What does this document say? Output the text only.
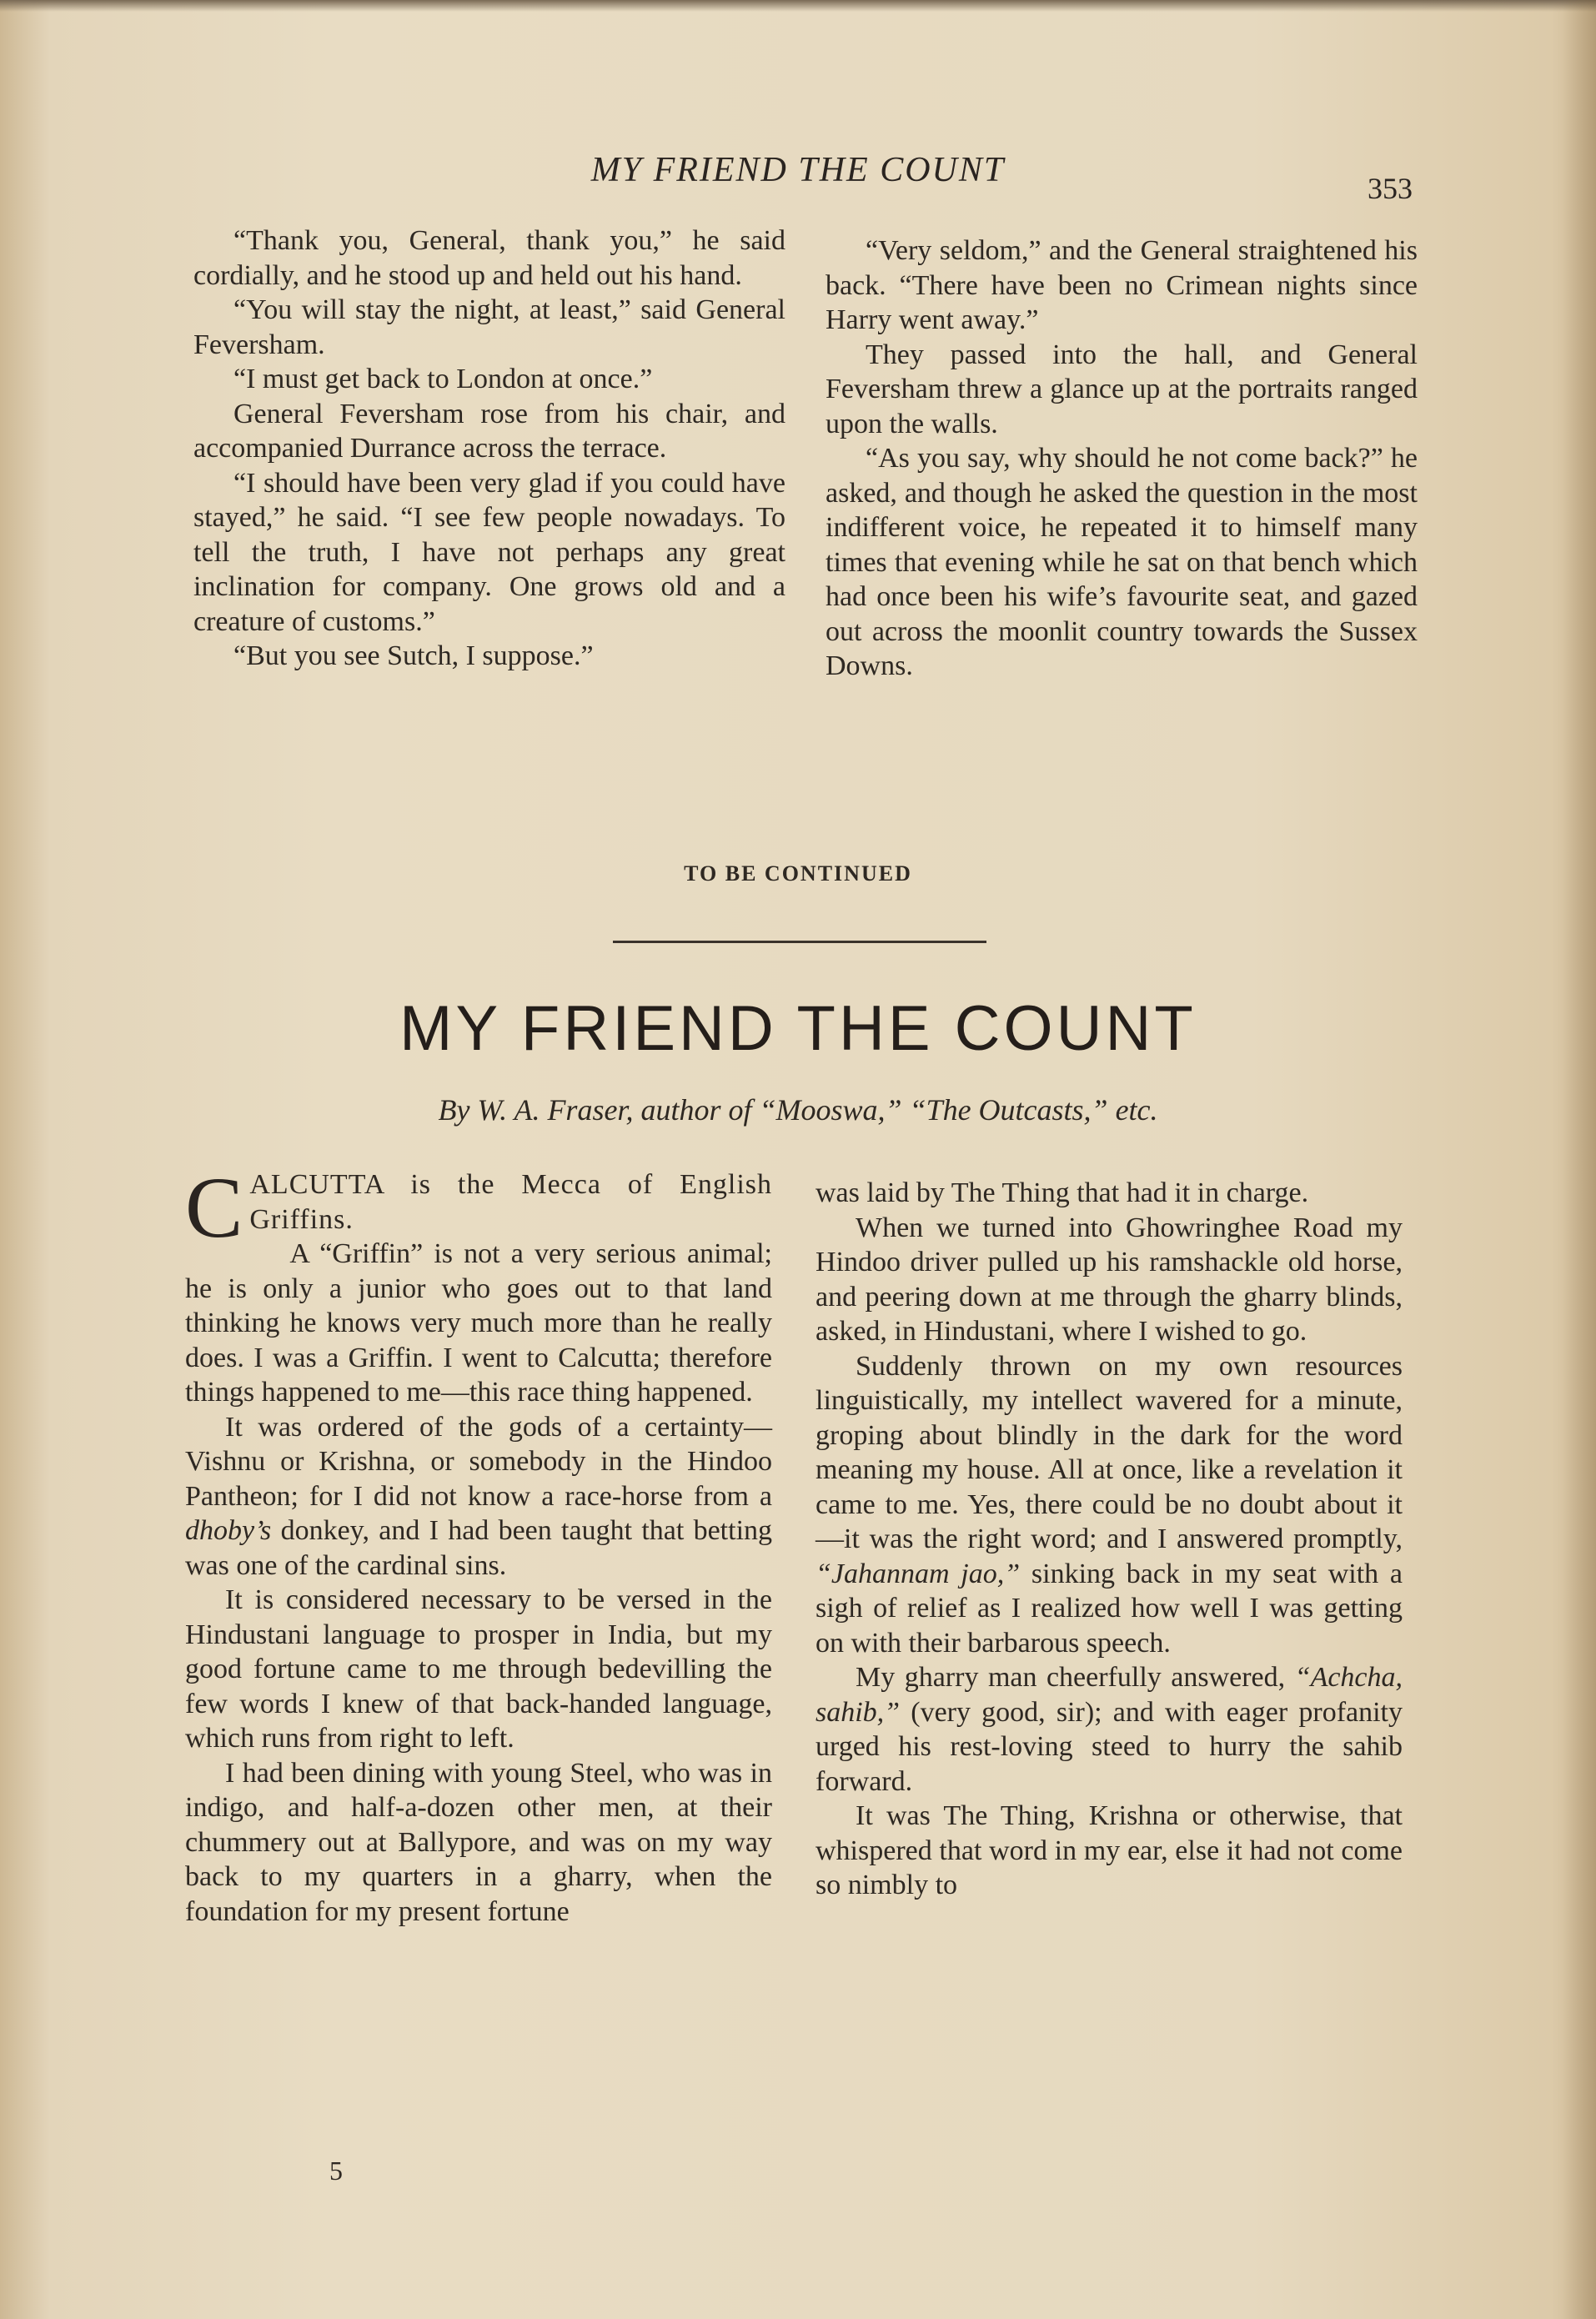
MY FRIEND THE COUNT	353

“Thank you, General, thank you,” he said cordially, and he stood up and held out his hand.

“You will stay the night, at least,” said General Feversham.

“I must get back to London at once.”

General Feversham rose from his chair, and accompanied Durrance across the terrace.

“I should have been very glad if you could have stayed,” he said. “I see few people nowadays. To tell the truth, I have not perhaps any great inclination for company. One grows old and a creature of customs.”

“But you see Sutch, I suppose.”

“Very seldom,” and the General straightened his back. “There have been no Crimean nights since Harry went away.”

They passed into the hall, and General Feversham threw a glance up at the portraits ranged upon the walls.

“As you say, why should he not come back?” he asked, and though he asked the question in the most indifferent voice, he repeated it to himself many times that evening while he sat on that bench which had once been his wife’s favourite seat, and gazed out across the moonlit country towards the Sussex Downs.

TO BE CONTINUED
MY FRIEND THE COUNT
By W. A. Fraser, author of “Mooswa,” “The Outcasts,” etc.

CALCUTTA is the Mecca of English Griffins.

A “Griffin” is not a very serious animal; he is only a junior who goes out to that land thinking he knows very much more than he really does. I was a Griffin. I went to Calcutta; therefore things happened to me—this race thing happened.

It was ordered of the gods of a certainty—Vishnu or Krishna, or somebody in the Hindoo Pantheon; for I did not know a race-horse from a dhoby’s donkey, and I had been taught that betting was one of the cardinal sins.

It is considered necessary to be versed in the Hindustani language to prosper in India, but my good fortune came to me through bedevilling the few words I knew of that back-handed language, which runs from right to left.

I had been dining with young Steel, who was in indigo, and half-a-dozen other men, at their chummery out at Ballypore, and was on my way back to my quarters in a gharry, when the foundation for my present fortune

was laid by The Thing that had it in charge.

When we turned into Ghowringhee Road my Hindoo driver pulled up his ramshackle old horse, and peering down at me through the gharry blinds, asked, in Hindustani, where I wished to go.

Suddenly thrown on my own resources linguistically, my intellect wavered for a minute, groping about blindly in the dark for the word meaning my house. All at once, like a revelation it came to me. Yes, there could be no doubt about it—it was the right word; and I answered promptly, “Jahannam jao,” sinking back in my seat with a sigh of relief as I realized how well I was getting on with their barbarous speech.

My gharry man cheerfully answered, “Achcha, sahib,” (very good, sir); and with eager profanity urged his rest-loving steed to hurry the sahib forward.

It was The Thing, Krishna or otherwise, that whispered that word in my ear, else it had not come so nimbly to

5
